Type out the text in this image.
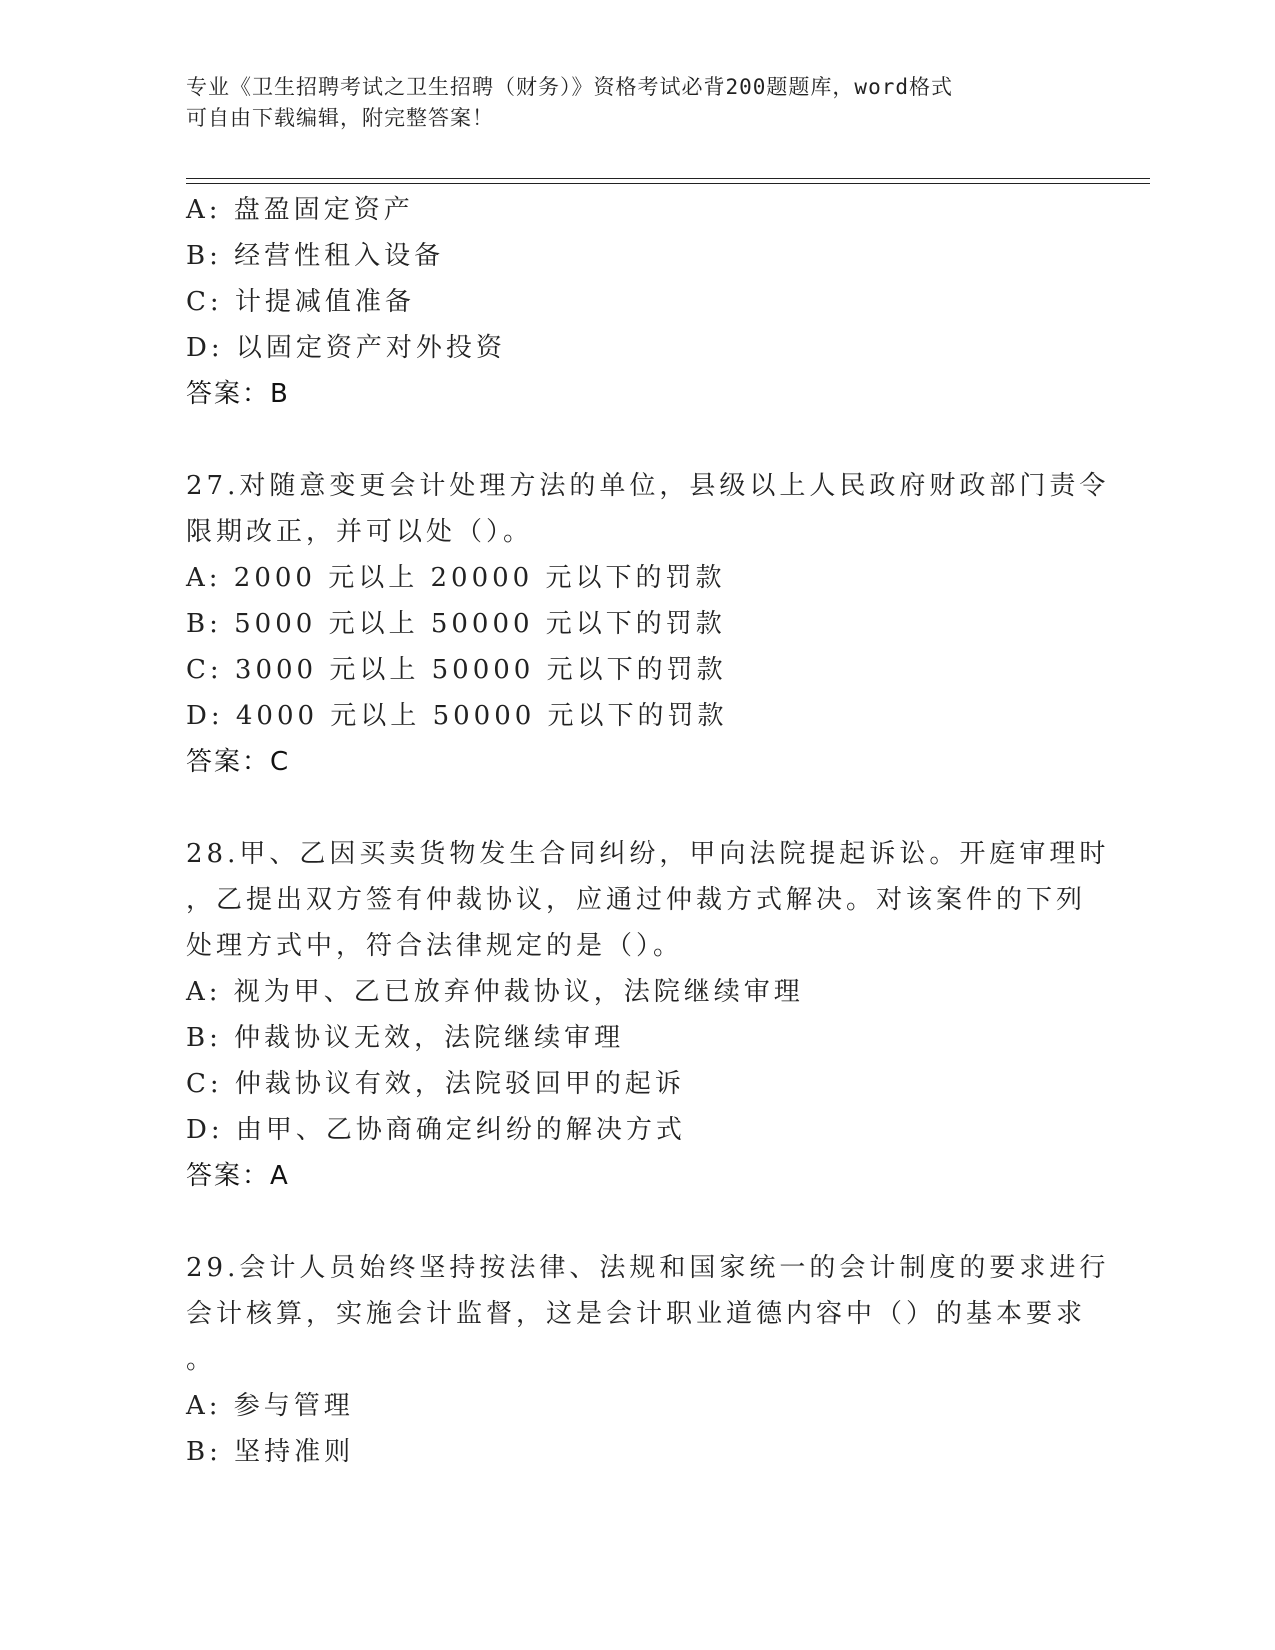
专业《卫生招聘考试之卫生招聘（财务）》资格考试必背200题题库，word格式
可自由下载编辑，附完整答案！
A: 盘盈固定资产
B: 经营性租入设备
C: 计提减值准备
D: 以固定资产对外投资
答案：B
27.对随意变更会计处理方法的单位，县级以上人民政府财政部门责令
限期改正，并可以处（）。
A: 2000 元以上 20000 元以下的罚款
B: 5000 元以上 50000 元以下的罚款
C: 3000 元以上 50000 元以下的罚款
D: 4000 元以上 50000 元以下的罚款
答案：C
28.甲、乙因买卖货物发生合同纠纷，甲向法院提起诉讼。开庭审理时
，乙提出双方签有仲裁协议，应通过仲裁方式解决。对该案件的下列
处理方式中，符合法律规定的是（）。
A: 视为甲、乙已放弃仲裁协议，法院继续审理
B: 仲裁协议无效，法院继续审理
C: 仲裁协议有效，法院驳回甲的起诉
D: 由甲、乙协商确定纠纷的解决方式
答案：A
29.会计人员始终坚持按法律、法规和国家统一的会计制度的要求进行
会计核算，实施会计监督，这是会计职业道德内容中（）的基本要求
。
A: 参与管理
B: 坚持准则
